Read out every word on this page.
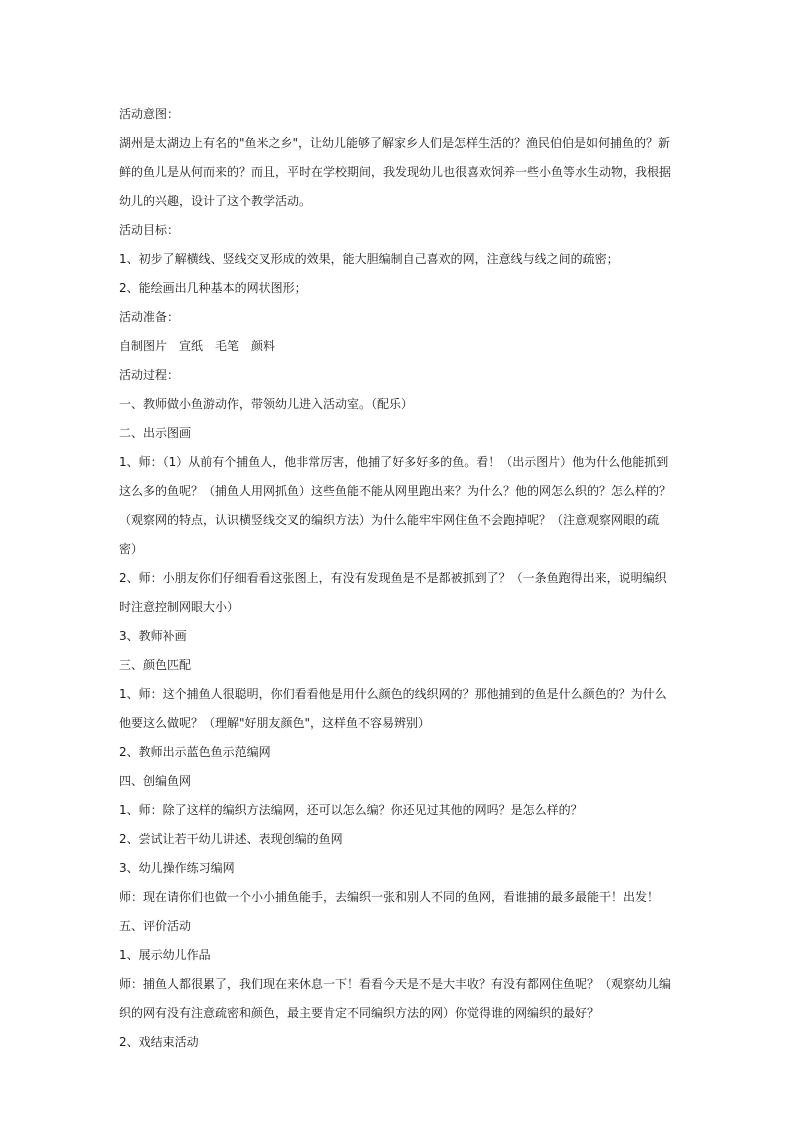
活动意图：

湖州是太湖边上有名的"鱼米之乡"，让幼儿能够了解家乡人们是怎样生活的？渔民伯伯是如何捕鱼的？新鲜的鱼儿是从何而来的？而且，平时在学校期间，我发现幼儿也很喜欢饲养一些小鱼等水生动物，我根据幼儿的兴趣，设计了这个教学活动。

活动目标：

1、初步了解横线、竖线交叉形成的效果，能大胆编制自己喜欢的网，注意线与线之间的疏密；

2、能绘画出几种基本的网状图形；

活动准备：

自制图片　宣纸　毛笔　颜料

活动过程：

一、教师做小鱼游动作，带领幼儿进入活动室。（配乐）

二、出示图画

1、师：（1）从前有个捕鱼人，他非常厉害，他捕了好多好多的鱼。看！（出示图片）他为什么他能抓到这么多的鱼呢？（捕鱼人用网抓鱼）这些鱼能不能从网里跑出来？为什么？他的网怎么织的？怎么样的？（观察网的特点，认识横竖线交叉的编织方法）为什么能牢牢网住鱼不会跑掉呢？（注意观察网眼的疏密）

2、师：小朋友你们仔细看看这张图上，有没有发现鱼是不是都被抓到了？（一条鱼跑得出来，说明编织时注意控制网眼大小）

3、教师补画

三、颜色匹配

1、师：这个捕鱼人很聪明，你们看看他是用什么颜色的线织网的？那他捕到的鱼是什么颜色的？为什么他要这么做呢？（理解"好朋友颜色"，这样鱼不容易辨别）

2、教师出示蓝色鱼示范编网

四、创编鱼网

1、师：除了这样的编织方法编网，还可以怎么编？你还见过其他的网吗？是怎么样的？

2、尝试让若干幼儿讲述、表现创编的鱼网

3、幼儿操作练习编网

师：现在请你们也做一个小小捕鱼能手，去编织一张和别人不同的鱼网，看谁捕的最多最能干！出发！

五、评价活动

1、展示幼儿作品

师：捕鱼人都很累了，我们现在来休息一下！看看今天是不是大丰收？有没有都网住鱼呢？（观察幼儿编织的网有没有注意疏密和颜色，最主要肯定不同编织方法的网）你觉得谁的网编织的最好？

2、戏结束活动
